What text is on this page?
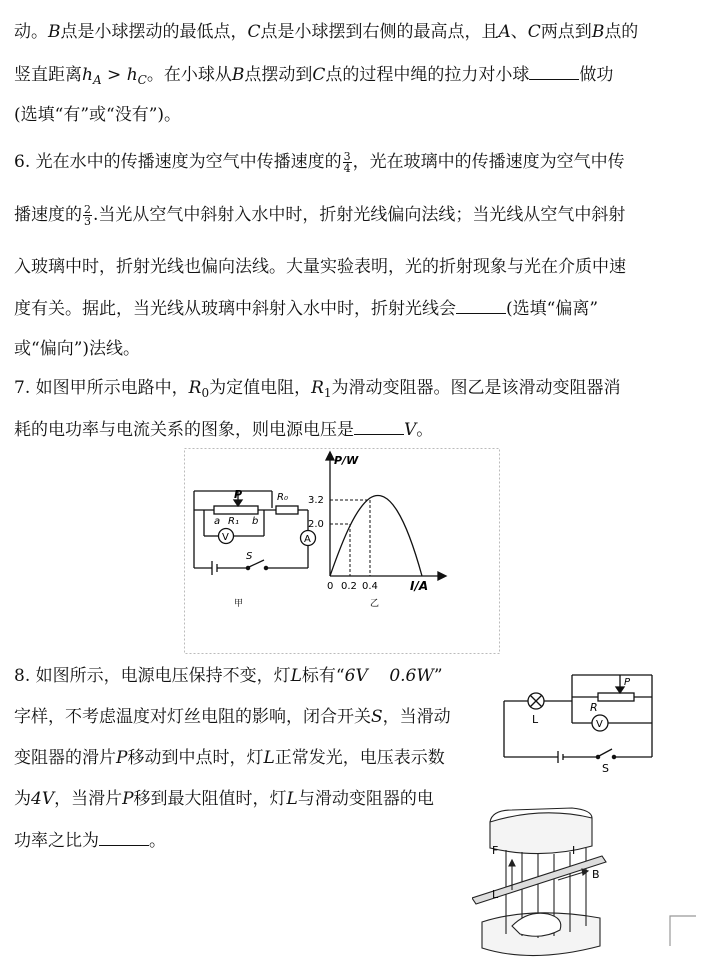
动。B点是小球摆动的最低点，C点是小球摆到右侧的最高点，且A、C两点到B点的
竖直距离$h_A > h_C$。在小球从B点摆动到C点的过程中绳的拉力对小球	做功
(选填“有”或“没有”)。
6. 光在水中的传播速度为空气中传播速度的 $\frac{3}{4}$ ，光在玻璃中的传播速度为空气中传
播速度的 $\frac{2}{3}$ .当光从空气中斜射入水中时，折射光线偏向法线；当光线从空气中斜射
入玻璃中时，折射光线也偏向法线。大量实验表明，光的折射现象与光在介质中速
度有关。据此，当光线从玻璃中斜射入水中时，折射光线会	(选填“偏离”
或“偏向”)法线。
7. 如图甲所示电路中，$R_0$为定值电阻，$R_1$为滑动变阻器。图乙是该滑动变阻器消
耗的电功率与电流关系的图象，则电源电压是	V。
P	R₀
a R₁ b
V	A
S
甲
P/W
3.2
2.0
0 0.2 0.4	I/A
乙
8. 如图所示，电源电压保持不变，灯L标有“6V    0.6W”
字样，不考虑温度对灯丝电阻的影响，闭合开关S，当滑动
变阻器的滑片P移动到中点时，灯L正常发光，电压表示数
为4V，当滑片P移到最大阻值时，灯L与滑动变阻器的电
功率之比为	。
L
R
P
V
S
F	I
B
L
